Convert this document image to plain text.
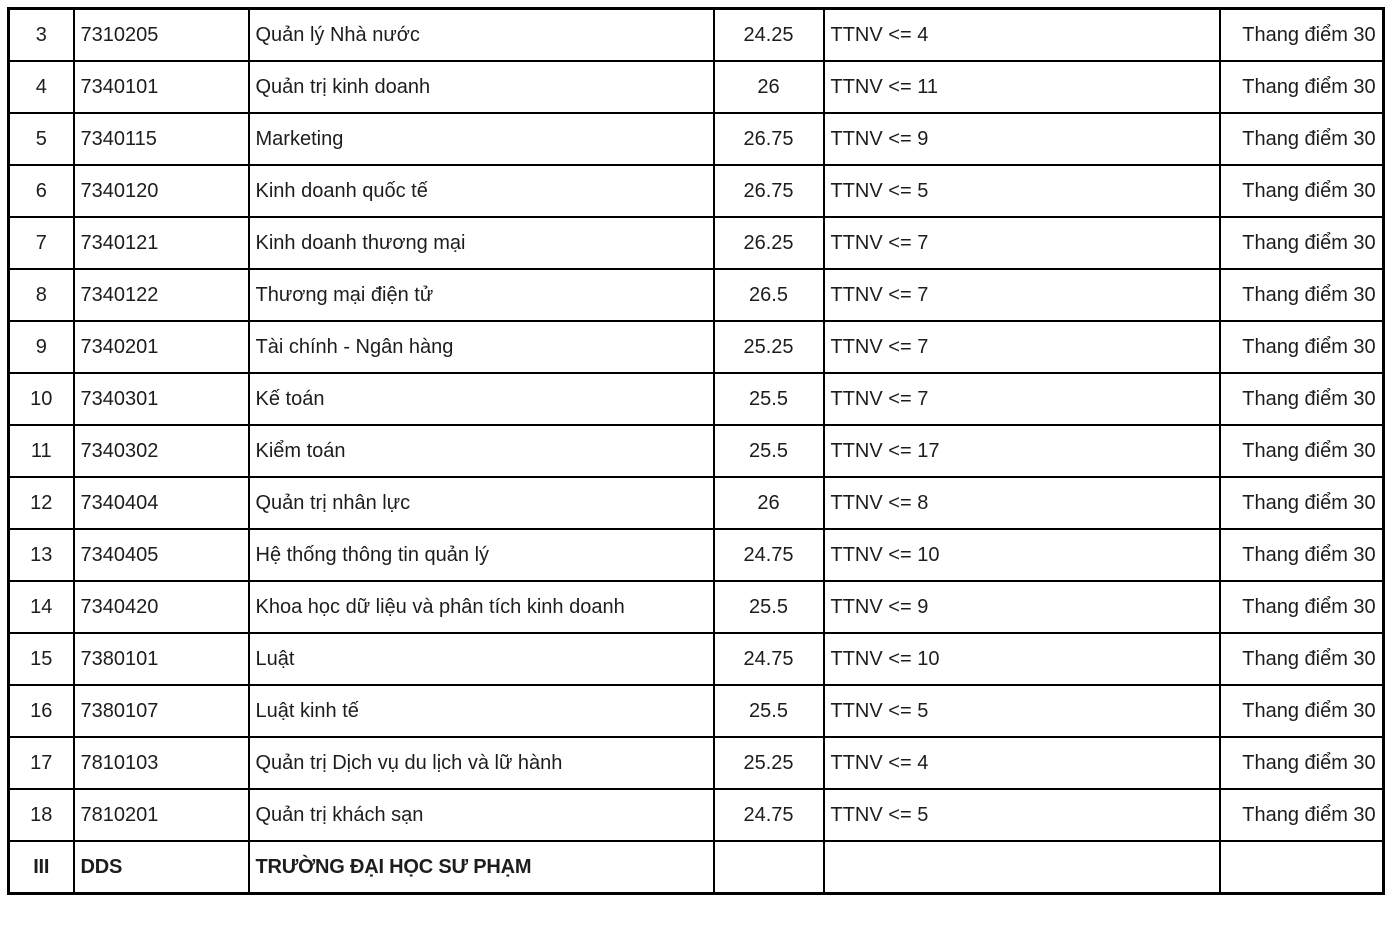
3	7310205	Quản lý Nhà nước	24.25	TTNV <= 4	Thang điểm 30

4	7340101	Quản trị kinh doanh	26	TTNV <= 11	Thang điểm 30

5	7340115	Marketing	26.75	TTNV <= 9	Thang điểm 30

6	7340120	Kinh doanh quốc tế	26.75	TTNV <= 5	Thang điểm 30

7	7340121	Kinh doanh thương mại	26.25	TTNV <= 7	Thang điểm 30

8	7340122	Thương mại điện tử	26.5	TTNV <= 7	Thang điểm 30

9	7340201	Tài chính - Ngân hàng	25.25	TTNV <= 7	Thang điểm 30

10	7340301	Kế toán	25.5	TTNV <= 7	Thang điểm 30

11	7340302	Kiểm toán	25.5	TTNV <= 17	Thang điểm 30

12	7340404	Quản trị nhân lực	26	TTNV <= 8	Thang điểm 30

13	7340405	Hệ thống thông tin quản lý	24.75	TTNV <= 10	Thang điểm 30

14	7340420	Khoa học dữ liệu và phân tích kinh doanh	25.5	TTNV <= 9	Thang điểm 30

15	7380101	Luật	24.75	TTNV <= 10	Thang điểm 30

16	7380107	Luật kinh tế	25.5	TTNV <= 5	Thang điểm 30

17	7810103	Quản trị Dịch vụ du lịch và lữ hành	25.25	TTNV <= 4	Thang điểm 30

18	7810201	Quản trị khách sạn	24.75	TTNV <= 5	Thang điểm 30

III	DDS	TRƯỜNG ĐẠI HỌC SƯ PHẠM			
